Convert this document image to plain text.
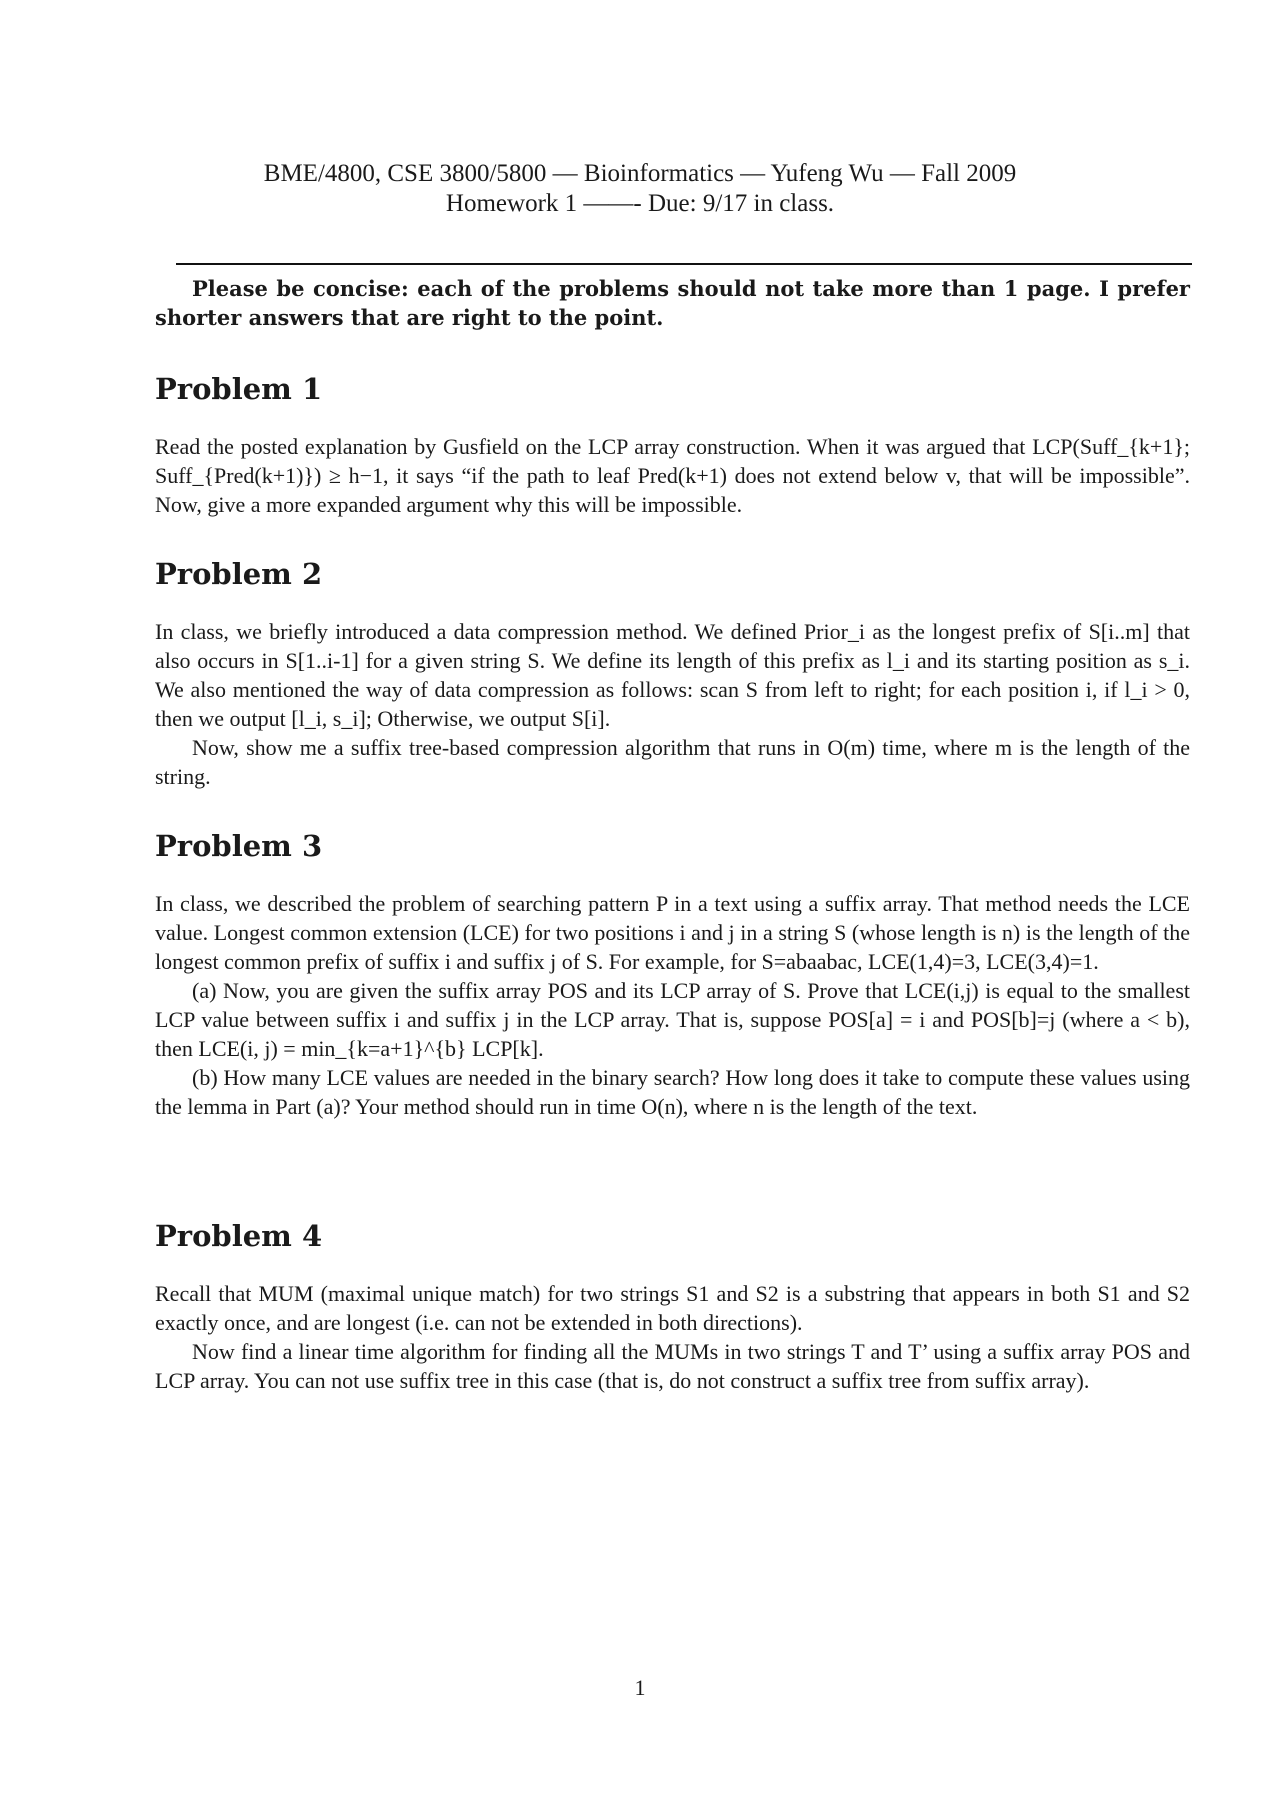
BME/4800, CSE 3800/5800 — Bioinformatics — Yufeng Wu — Fall 2009
Homework 1 ——- Due: 9/17 in class.
Please be concise: each of the problems should not take more than 1 page. I prefer shorter answers that are right to the point.
Problem 1

Read the posted explanation by Gusfield on the LCP array construction. When it was argued that LCP(Suff_{k+1}; Suff_{Pred(k+1)}) ≥ h−1, it says “if the path to leaf Pred(k+1) does not extend below v, that will be impossible”. Now, give a more expanded argument why this will be impossible.

Problem 2

In class, we briefly introduced a data compression method. We defined Prior_i as the longest prefix of S[i..m] that also occurs in S[1..i-1] for a given string S. We define its length of this prefix as l_i and its starting position as s_i. We also mentioned the way of data compression as follows: scan S from left to right; for each position i, if l_i > 0, then we output [l_i, s_i]; Otherwise, we output S[i].

Now, show me a suffix tree-based compression algorithm that runs in O(m) time, where m is the length of the string.

Problem 3

In class, we described the problem of searching pattern P in a text using a suffix array. That method needs the LCE value. Longest common extension (LCE) for two positions i and j in a string S (whose length is n) is the length of the longest common prefix of suffix i and suffix j of S. For example, for S=abaabac, LCE(1,4)=3, LCE(3,4)=1.

(a) Now, you are given the suffix array POS and its LCP array of S. Prove that LCE(i,j) is equal to the smallest LCP value between suffix i and suffix j in the LCP array. That is, suppose POS[a] = i and POS[b]=j (where a < b), then LCE(i, j) = min_{k=a+1}^{b} LCP[k].

(b) How many LCE values are needed in the binary search? How long does it take to compute these values using the lemma in Part (a)? Your method should run in time O(n), where n is the length of the text.

Problem 4

Recall that MUM (maximal unique match) for two strings S1 and S2 is a substring that appears in both S1 and S2 exactly once, and are longest (i.e. can not be extended in both directions).

Now find a linear time algorithm for finding all the MUMs in two strings T and T’ using a suffix array POS and LCP array. You can not use suffix tree in this case (that is, do not construct a suffix tree from suffix array).

1
